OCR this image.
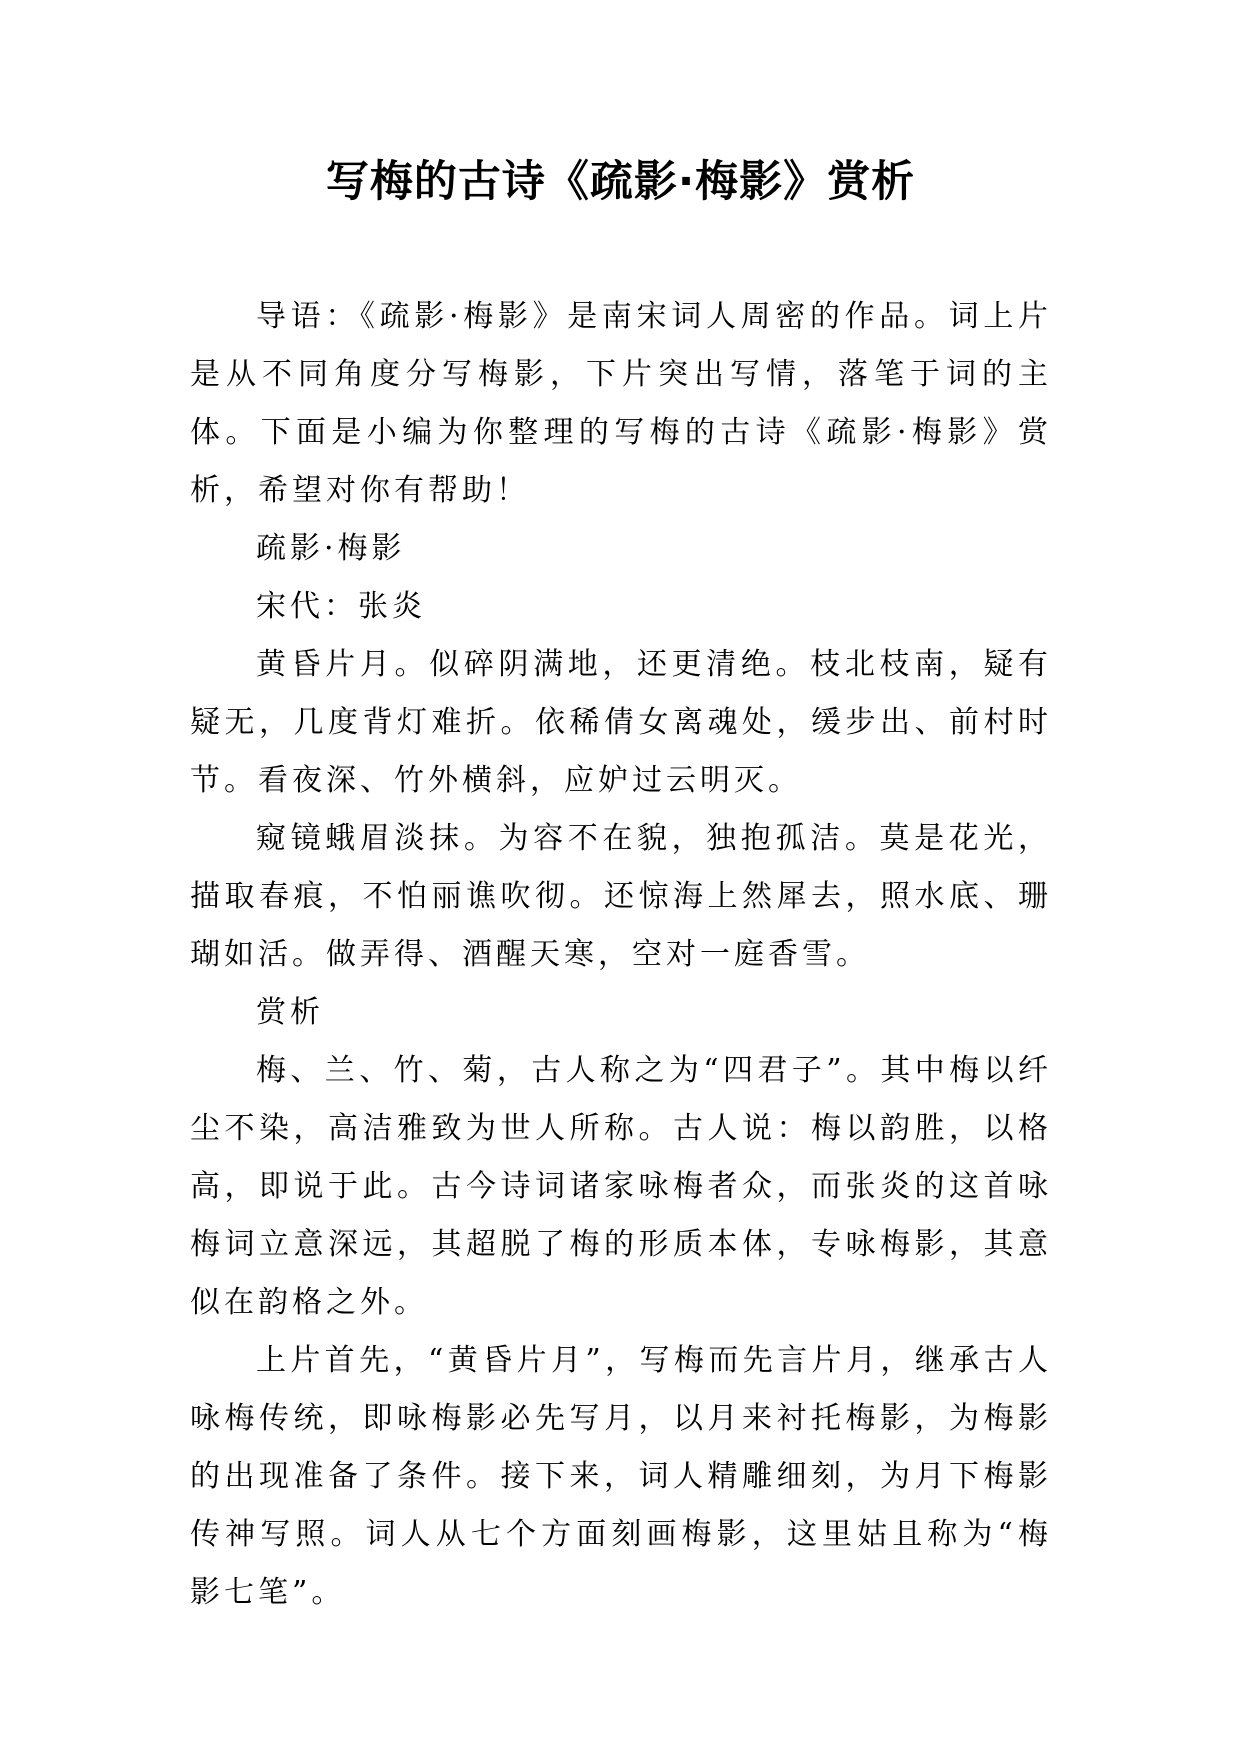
写梅的古诗《疏影·梅影》赏析

导语：《疏影·梅影》是南宋词人周密的作品。词上片是从不同角度分写梅影，下片突出写情，落笔于词的主体。下面是小编为你整理的写梅的古诗《疏影·梅影》赏析，希望对你有帮助！

疏影·梅影

宋代：张炎

黄昏片月。似碎阴满地，还更清绝。枝北枝南，疑有疑无，几度背灯难折。依稀倩女离魂处，缓步出、前村时节。看夜深、竹外横斜，应妒过云明灭。

窥镜蛾眉淡抹。为容不在貌，独抱孤洁。莫是花光，描取春痕，不怕丽谯吹彻。还惊海上然犀去，照水底、珊瑚如活。做弄得、酒醒天寒，空对一庭香雪。

赏析

梅、兰、竹、菊，古人称之为“四君子”。其中梅以纤尘不染，高洁雅致为世人所称。古人说：梅以韵胜，以格高，即说于此。古今诗词诸家咏梅者众，而张炎的这首咏梅词立意深远，其超脱了梅的形质本体，专咏梅影，其意似在韵格之外。

上片首先，“黄昏片月”，写梅而先言片月，继承古人咏梅传统，即咏梅影必先写月，以月来衬托梅影，为梅影的出现准备了条件。接下来，词人精雕细刻，为月下梅影传神写照。词人从七个方面刻画梅影，这里姑且称为“梅影七笔”。
